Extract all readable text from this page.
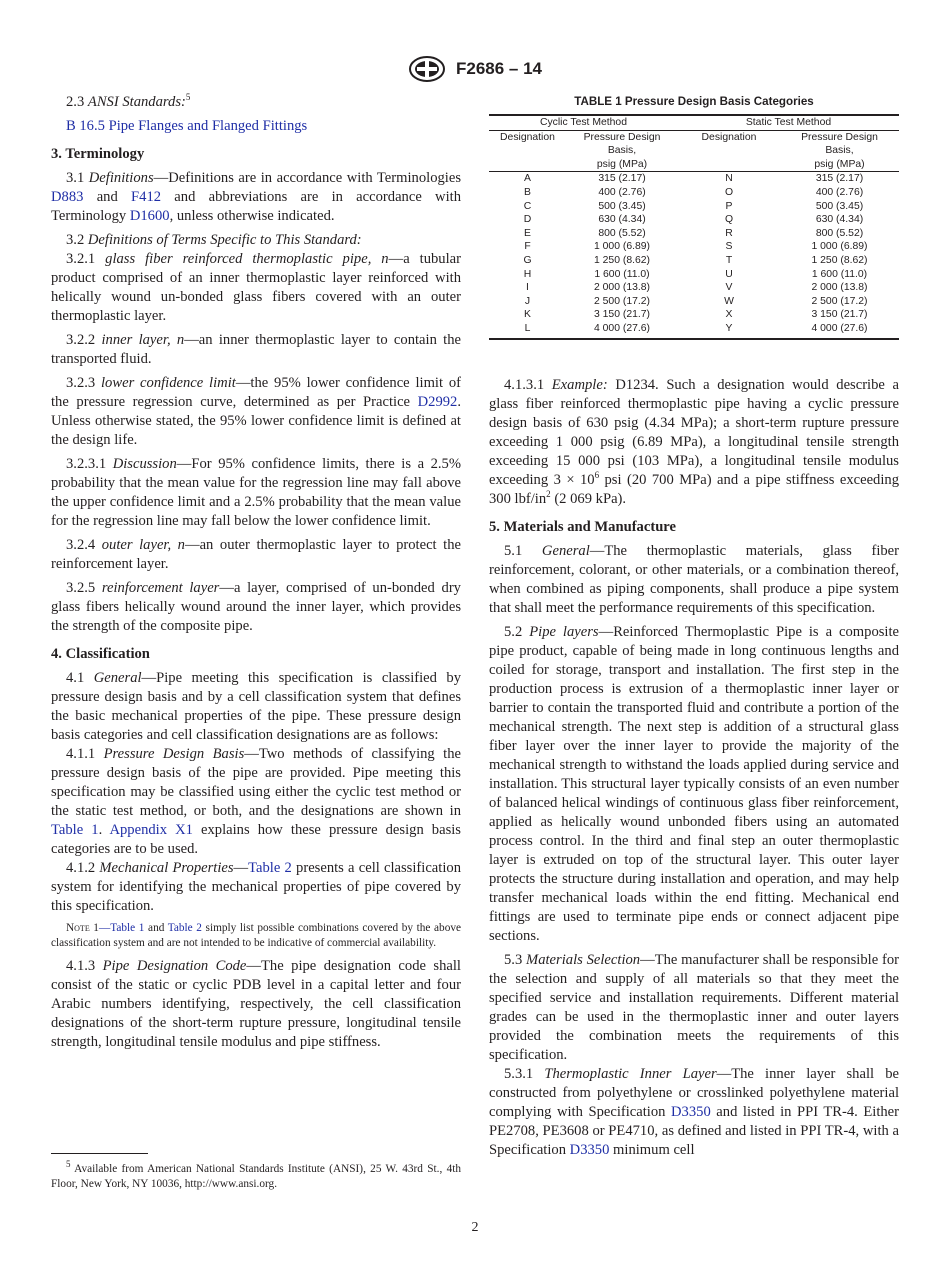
F2686 – 14

2.3 ANSI Standards:$^5$

B 16.5 Pipe Flanges and Flanged Fittings

3. Terminology

3.1 Definitions—Definitions are in accordance with Terminologies D883 and F412 and abbreviations are in accordance with Terminology D1600, unless otherwise indicated.

3.2 Definitions of Terms Specific to This Standard:

3.2.1 glass fiber reinforced thermoplastic pipe, n—a tubular product comprised of an inner thermoplastic layer reinforced with helically wound un-bonded glass fibers covered with an outer thermoplastic layer.

3.2.2 inner layer, n—an inner thermoplastic layer to contain the transported fluid.

3.2.3 lower confidence limit—the 95% lower confidence limit of the pressure regression curve, determined as per Practice D2992. Unless otherwise stated, the 95% lower confidence limit is defined at the design life.

3.2.3.1 Discussion—For 95% confidence limits, there is a 2.5% probability that the mean value for the regression line may fall above the upper confidence limit and a 2.5% probability that the mean value for the regression line may fall below the lower confidence limit.

3.2.4 outer layer, n—an outer thermoplastic layer to protect the reinforcement layer.

3.2.5 reinforcement layer—a layer, comprised of un-bonded dry glass fibers helically wound around the inner layer, which provides the strength of the composite pipe.

4. Classification

4.1 General—Pipe meeting this specification is classified by pressure design basis and by a cell classification system that defines the basic mechanical properties of the pipe. These pressure design basis categories and cell classification designations are as follows:

4.1.1 Pressure Design Basis—Two methods of classifying the pressure design basis of the pipe are provided. Pipe meeting this specification may be classified using either the cyclic test method or the static test method, or both, and the designations are shown in Table 1. Appendix X1 explains how these pressure design basis categories are to be used.

4.1.2 Mechanical Properties—Table 2 presents a cell classification system for identifying the mechanical properties of pipe covered by this specification.

Note 1—Table 1 and Table 2 simply list possible combinations covered by the above classification system and are not intended to be indicative of commercial availability.

4.1.3 Pipe Designation Code—The pipe designation code shall consist of the static or cyclic PDB level in a capital letter and four Arabic numbers identifying, respectively, the cell classification designations of the short-term rupture pressure, longitudinal tensile strength, longitudinal tensile modulus and pipe stiffness.

$^5$ Available from American National Standards Institute (ANSI), 25 W. 43rd St., 4th Floor, New York, NY 10036, http://www.ansi.org.
TABLE 1 Pressure Design Basis Categories
Cyclic Test Method		Static Test Method	
Designation	Pressure Design
Basis,
psig (MPa)	Designation	Pressure Design
Basis,
psig (MPa)
A	315 (2.17)	N	315 (2.17)
B	400 (2.76)	O	400 (2.76)
C	500 (3.45)	P	500 (3.45)
D	630 (4.34)	Q	630 (4.34)
E	800 (5.52)	R	800 (5.52)
F	1 000 (6.89)	S	1 000 (6.89)
G	1 250 (8.62)	T	1 250 (8.62)
H	1 600 (11.0)	U	1 600 (11.0)
I	2 000 (13.8)	V	2 000 (13.8)
J	2 500 (17.2)	W	2 500 (17.2)
K	3 150 (21.7)	X	3 150 (21.7)
L	4 000 (27.6)	Y	4 000 (27.6)

4.1.3.1 Example: D1234. Such a designation would describe a glass fiber reinforced thermoplastic pipe having a cyclic pressure design basis of 630 psig (4.34 MPa); a short-term rupture pressure exceeding 1 000 psig (6.89 MPa), a longitudinal tensile strength exceeding 15 000 psi (103 MPa), a longitudinal tensile modulus exceeding $3 \times 10^6$ psi (20 700 MPa) and a pipe stiffness exceeding 300 lbf/$in^2$ (2 069 kPa).

5. Materials and Manufacture

5.1 General—The thermoplastic materials, glass fiber reinforcement, colorant, or other materials, or a combination thereof, when combined as piping components, shall produce a pipe system that shall meet the performance requirements of this specification.

5.2 Pipe layers—Reinforced Thermoplastic Pipe is a composite pipe product, capable of being made in long continuous lengths and coiled for storage, transport and installation. The first step in the production process is extrusion of a thermoplastic inner layer or barrier to contain the transported fluid and contribute a portion of the mechanical strength. The next step is addition of a structural glass fiber layer over the inner layer to provide the majority of the mechanical strength to withstand the loads applied during service and installation. This structural layer typically consists of an even number of balanced helical windings of continuous glass fiber reinforcement, applied as helically wound unbonded fibers using an automated process control. In the third and final step an outer thermoplastic layer is extruded on top of the structural layer. This outer layer protects the structure during installation and operation, and may help transfer mechanical loads within the end fitting. Mechanical end fittings are used to terminate pipe ends or connect adjacent pipe sections.

5.3 Materials Selection—The manufacturer shall be responsible for the selection and supply of all materials so that they meet the specified service and installation requirements. Different material grades can be used in the thermoplastic inner and outer layers provided the combination meets the requirements of this specification.

5.3.1 Thermoplastic Inner Layer—The inner layer shall be constructed from polyethylene or crosslinked polyethylene material complying with Specification D3350 and listed in PPI TR-4. Either PE2708, PE3608 or PE4710, as defined and listed in PPI TR-4, with a Specification D3350 minimum cell

2
